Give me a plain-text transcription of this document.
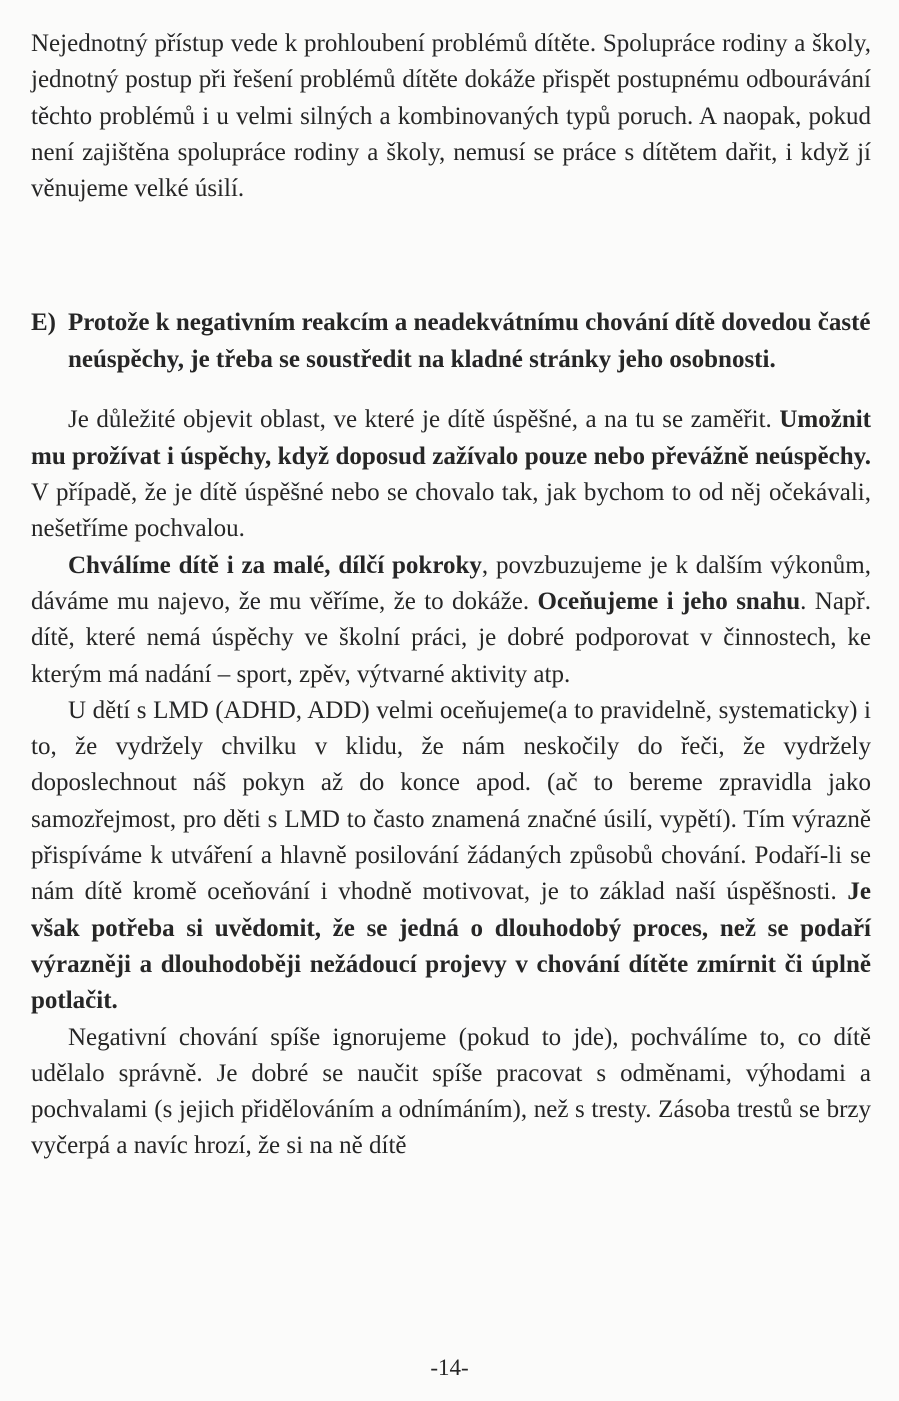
Nejednotný přístup vede k prohloubení problémů dítěte. Spolupráce rodiny a školy, jednotný postup při řešení problémů dítěte dokáže přispět postupnému odbourávání těchto problémů i u velmi silných a kombinovaných typů poruch. A naopak, pokud není zajištěna spolupráce rodiny a školy, nemusí se práce s dítětem dařit, i když jí věnujeme velké úsilí.

E) Protože k negativním reakcím a neadekvátnímu chování dítě dovedou časté neúspěchy, je třeba se soustředit na kladné stránky jeho osobnosti.

Je důležité objevit oblast, ve které je dítě úspěšné, a na tu se zaměřit. Umožnit mu prožívat i úspěchy, když doposud zažívalo pouze nebo převážně neúspěchy. V případě, že je dítě úspěšné nebo se chovalo tak, jak bychom to od něj očekávali, nešetříme pochvalou.

Chválíme dítě i za malé, dílčí pokroky, povzbuzujeme je k dalším výkonům, dáváme mu najevo, že mu věříme, že to dokáže. Oceňujeme i jeho snahu. Např. dítě, které nemá úspěchy ve školní práci, je dobré podporovat v činnostech, ke kterým má nadání – sport, zpěv, výtvarné aktivity atp.

U dětí s LMD (ADHD, ADD) velmi oceňujeme(a to pravidelně, systematicky) i to, že vydržely chvilku v klidu, že nám neskočily do řeči, že vydržely doposlechnout náš pokyn až do konce apod. (ač to bereme zpravidla jako samozřejmost, pro děti s LMD to často znamená značné úsilí, vypětí). Tím výrazně přispíváme k utváření a hlavně posilování žádaných způsobů chování. Podaří-li se nám dítě kromě oceňování i vhodně motivovat, je to základ naší úspěšnosti. Je však potřeba si uvědomit, že se jedná o dlouhodobý proces, než se podaří výrazněji a dlouhodoběji nežádoucí projevy v chování dítěte zmírnit či úplně potlačit.

Negativní chování spíše ignorujeme (pokud to jde), pochválíme to, co dítě udělalo správně. Je dobré se naučit spíše pracovat s odměnami, výhodami a pochvalami (s jejich přidělováním a odnímáním), než s tresty. Zásoba trestů se brzy vyčerpá a navíc hrozí, že si na ně dítě

-14-
